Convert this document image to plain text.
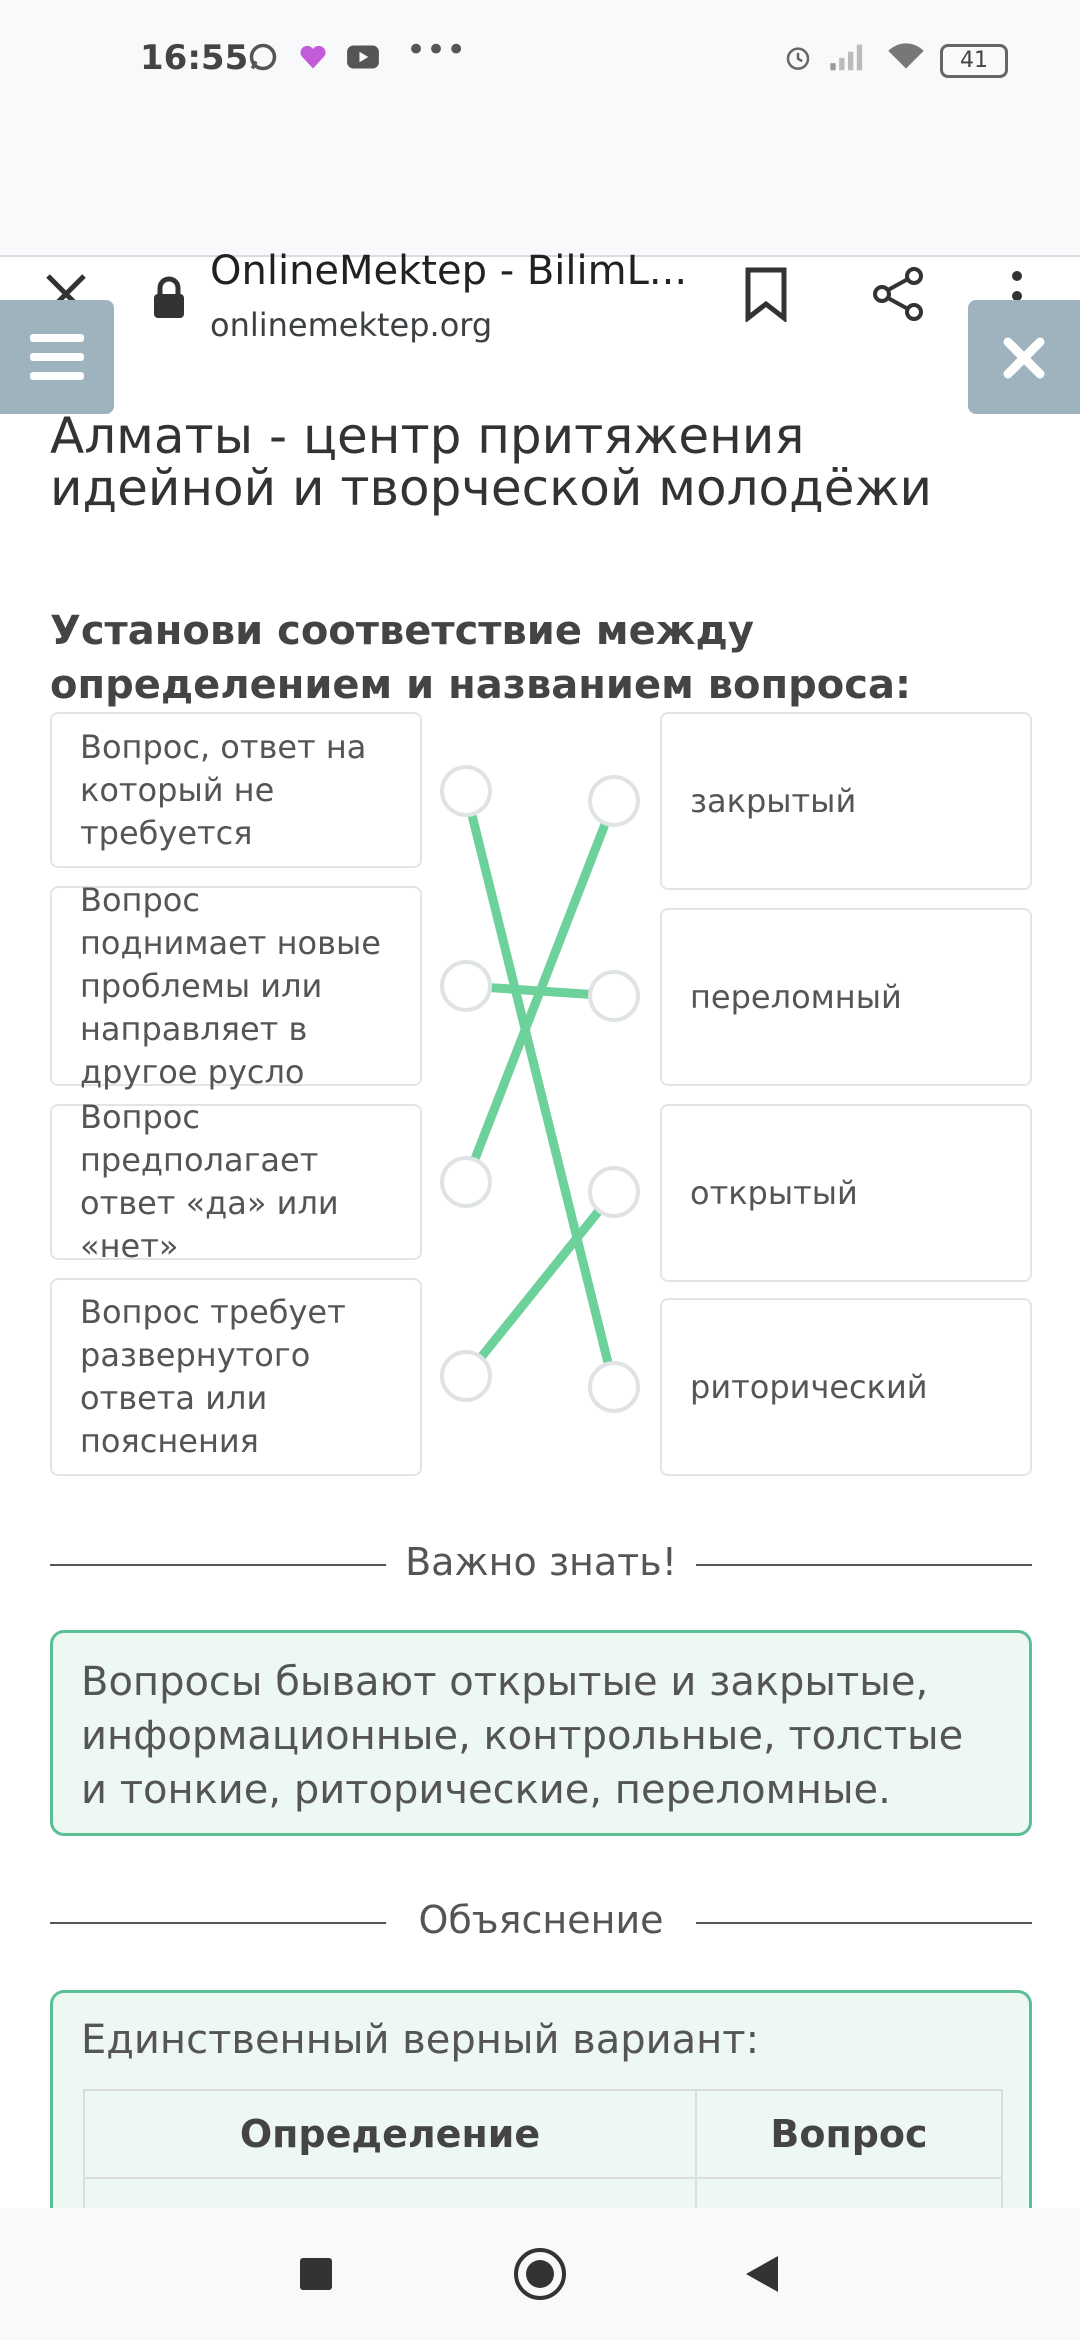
16:55	•••	41
OnlineMektep - BilimL...
onlinemektep.org
Алматы - центр притяжения идейной и творческой молодёжи
Установи соответствие между определением и названием вопроса:
Вопрос, ответ на который не требуется
Вопрос поднимает новые проблемы или направляет в другое русло
Вопрос предполагает ответ «да» или «нет»
Вопрос требует развернутого ответа или пояснения
закрытый
переломный
открытый
риторический
Важно знать!
Вопросы бывают открытые и закрытые, информационные, контрольные, толстые и тонкие, риторические, переломные.
Объяснение
Единственный верный вариант:
Определение	Вопрос
